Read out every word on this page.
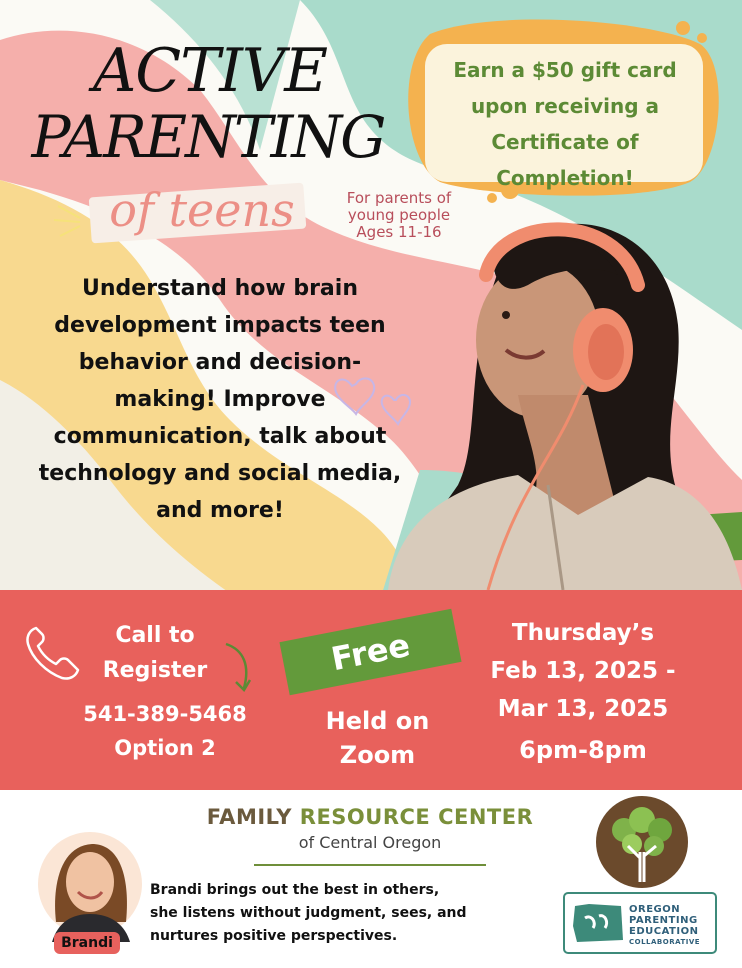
Earn a $50 gift card upon receiving a Certificate of Completion!
ACTIVE
PARENTING
of teens	For parents of young people Ages 11-16
Understand how brain development impacts teen behavior and decision-making! Improve communication, talk about technology and social media, and more!
Call to Register
541-389-5468
Option 2
Free
Held on Zoom
Thursday’s
Feb 13, 2025 -
Mar 13, 2025
6pm-8pm
FAMILY RESOURCE CENTER
of Central Oregon
Brandi
Brandi brings out the best in others, she listens without judgment, sees, and nurtures positive perspectives.
OREGON
PARENTING
EDUCATION
COLLABORATIVE
